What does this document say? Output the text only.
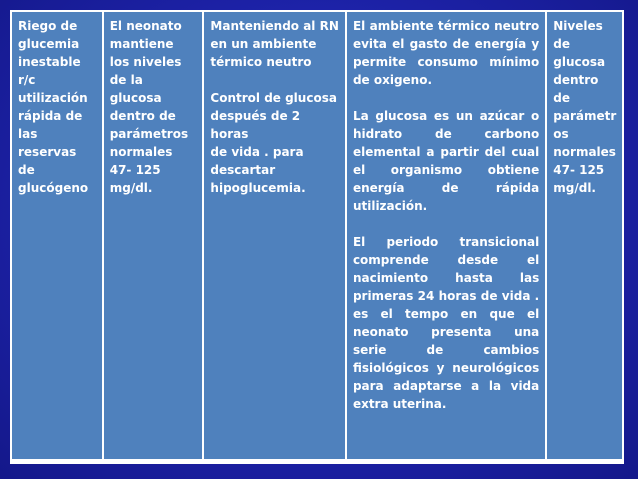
Riego de
glucemia
inestable
r/c
utilización
rápida de
las reservas
de
glucógeno

El neonato
mantiene
los niveles
de la glucosa
dentro de
parámetros
normales
47- 125
mg/dl.

Manteniendo al RN
en un ambiente
térmico neutro

Control de glucosa
después de 2 horas
de vida . para
descartar
hipoglucemia.

El ambiente térmico neutro evita el gasto de energía y permite consumo mínimo de oxigeno.

La glucosa es un azúcar o hidrato de carbono elemental a partir del cual el organismo obtiene energía de rápida utilización.

El periodo transicional comprende desde el nacimiento hasta las primeras 24 horas de vida . es el tempo en que el neonato presenta una serie de cambios fisiológicos y neurológicos para adaptarse a la vida extra uterina.

Niveles
de
glucosa
dentro
de
parámetr
os
normales
47- 125
mg/dl.
